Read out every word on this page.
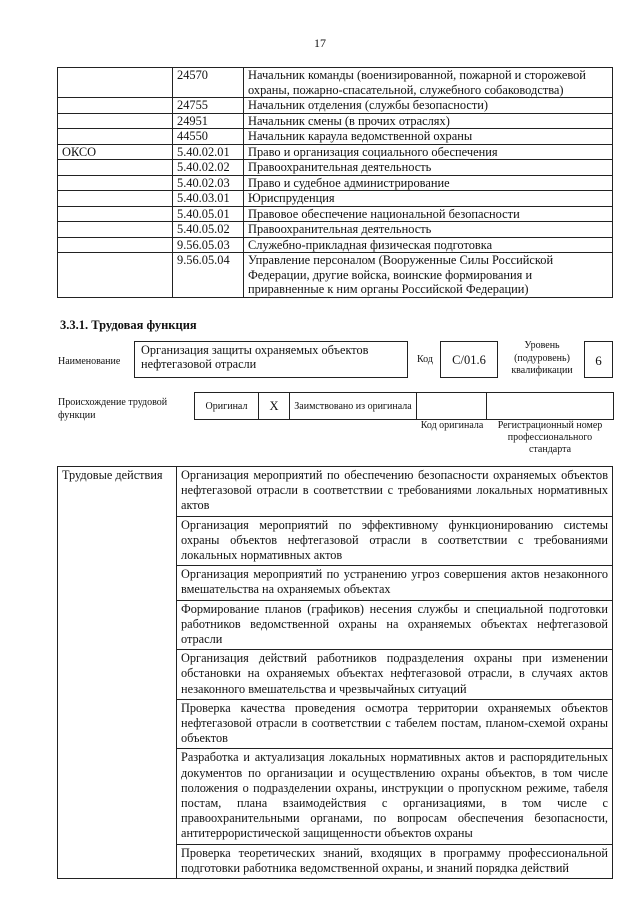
17
	24570	Начальник команды (военизированной, пожарной и сторожевой охраны, пожарно-спасательной, служебного собаководства)
	24755	Начальник отделения (службы безопасности)
	24951	Начальник смены (в прочих отраслях)
	44550	Начальник караула ведомственной охраны
ОКСО	5.40.02.01	Право и организация социального обеспечения
	5.40.02.02	Правоохранительная деятельность
	5.40.02.03	Право и судебное администрирование
	5.40.03.01	Юриспруденция
	5.40.05.01	Правовое обеспечение национальной безопасности
	5.40.05.02	Правоохранительная деятельность
	9.56.05.03	Служебно-прикладная физическая подготовка
	9.56.05.04	Управление персоналом (Вооруженные Силы Российской Федерации, другие войска, воинские формирования и приравненные к ним органы Российской Федерации)
3.3.1. Трудовая функция
Наименование
Организация защиты охраняемых объектов нефтегазовой отрасли	Код	С/01.6
Уровень (подуровень) квалификации
6
Происхождение трудовой функции
Оригинал	X	Заимствовано из оригинала		
Код оригинала	Регистрационный номер профессионального стандарта
Трудовые действия	Организация мероприятий по обеспечению безопасности охраняемых объектов нефтегазовой отрасли в соответствии с требованиями локальных нормативных актов
Организация мероприятий по эффективному функционированию системы охраны объектов нефтегазовой отрасли в соответствии с требованиями локальных нормативных актов
Организация мероприятий по устранению угроз совершения актов незаконного вмешательства на охраняемых объектах
Формирование планов (графиков) несения службы и специальной подготовки работников ведомственной охраны на охраняемых объектах нефтегазовой отрасли
Организация действий работников подразделения охраны при изменении обстановки на охраняемых объектах нефтегазовой отрасли, в случаях актов незаконного вмешательства и чрезвычайных ситуаций
Проверка качества проведения осмотра территории охраняемых объектов нефтегазовой отрасли в соответствии с табелем постам, планом-схемой охраны объектов
Разработка и актуализация локальных нормативных актов и распорядительных документов по организации и осуществлению охраны объектов, в том числе положения о подразделении охраны, инструкции о пропускном режиме, табеля постам, плана взаимодействия с организациями, в том числе с правоохранительными органами, по вопросам обеспечения безопасности, антитеррористической защищенности объектов охраны
Проверка теоретических знаний, входящих в программу профессиональной подготовки работника ведомственной охраны, и знаний порядка действий
